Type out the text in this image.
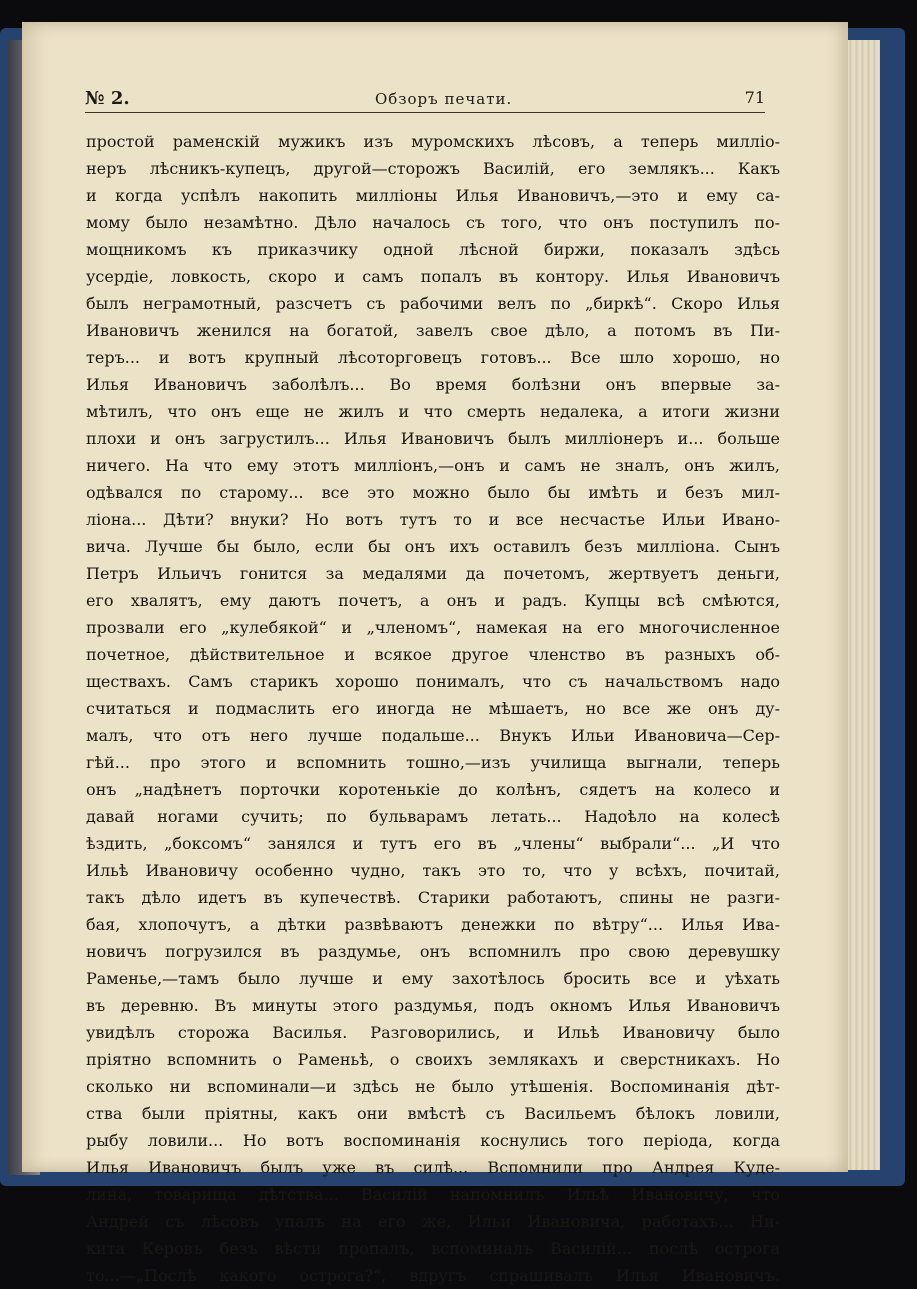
№ 2.	Обзоръ печати.	71

простой раменскій мужикъ изъ муромскихъ лѣсовъ, а теперь милліо-
неръ лѣсникъ-купецъ, другой—сторожъ Василій, его землякъ... Какъ
и когда успѣлъ накопить милліоны Илья Ивановичъ,—это и ему са-
мому было незамѣтно. Дѣло началось съ того, что онъ поступилъ по-
мощникомъ къ приказчику одной лѣсной биржи, показалъ здѣсь
усердіе, ловкость, скоро и самъ попалъ въ контору. Илья Ивановичъ
былъ неграмотный, разсчетъ съ рабочими велъ по „биркѣ“. Скоро Илья
Ивановичъ женился на богатой, завелъ свое дѣло, а потомъ въ Пи-
теръ... и вотъ крупный лѣсоторговецъ готовъ... Все шло хорошо, но
Илья Ивановичъ заболѣлъ... Во время болѣзни онъ впервые за-
мѣтилъ, что онъ еще не жилъ и что смерть недалека, а итоги жизни
плохи и онъ загрустилъ... Илья Ивановичъ былъ милліонеръ и... больше
ничего. На что ему этотъ милліонъ,—онъ и самъ не зналъ, онъ жилъ,
одѣвался по старому... все это можно было бы имѣть и безъ мил-
ліона... Дѣти? внуки? Но вотъ тутъ то и все несчастье Ильи Ивано-
вича. Лучше бы было, если бы онъ ихъ оставилъ безъ милліона. Сынъ
Петръ Ильичъ гонится за медалями да почетомъ, жертвуетъ деньги,
его хвалятъ, ему даютъ почетъ, а онъ и радъ. Купцы всѣ смѣются,
прозвали его „кулебякой“ и „членомъ“, намекая на его многочисленное
почетное, дѣйствительное и всякое другое членство въ разныхъ об-
ществахъ. Самъ старикъ хорошо понималъ, что съ начальствомъ надо
считаться и подмаслить его иногда не мѣшаетъ, но все же онъ ду-
малъ, что отъ него лучше подальше... Внукъ Ильи Ивановича—Сер-
гѣй... про этого и вспомнить тошно,—изъ училища выгнали, теперь
онъ „надѣнетъ порточки коротенькіе до колѣнъ, сядетъ на колесо и
давай ногами сучить; по бульварамъ летать... Надоѣло на колесѣ
ѣздить, „боксомъ“ занялся и тутъ его въ „члены“ выбрали“... „И что
Ильѣ Ивановичу особенно чудно, такъ это то, что у всѣхъ, почитай,
такъ дѣло идетъ въ купечествѣ. Старики работаютъ, спины не разги-
бая, хлопочутъ, а дѣтки развѣваютъ денежки по вѣтру“... Илья Ива-
новичъ погрузился въ раздумье, онъ вспомнилъ про свою деревушку
Раменье,—тамъ было лучше и ему захотѣлось бросить все и уѣхать
въ деревню. Въ минуты этого раздумья, подъ окномъ Илья Ивановичъ
увидѣлъ сторожа Василья. Разговорились, и Ильѣ Ивановичу было
пріятно вспомнить о Раменьѣ, о своихъ землякахъ и сверстникахъ. Но
сколько ни вспоминали—и здѣсь не было утѣшенія. Воспоминанія дѣт-
ства были пріятны, какъ они вмѣстѣ съ Васильемъ бѣлокъ ловили,
рыбу ловили... Но вотъ воспоминанія коснулись того періода, когда
Илья Ивановичъ былъ уже въ силѣ... Вспомнили про Андрея Куде-
лина, товарища дѣтства... Василій напомнилъ Ильѣ Ивановичу, что
Андрей съ лѣсовъ упалъ на его же, Ильи Ивановича, работахъ... Ни-
кита Керовъ безъ вѣсти пропалъ, вспоминалъ Василій... послѣ острога
то...—„Послѣ какого острога?“, вдругъ спрашивалъ Илья Ивановичъ.
